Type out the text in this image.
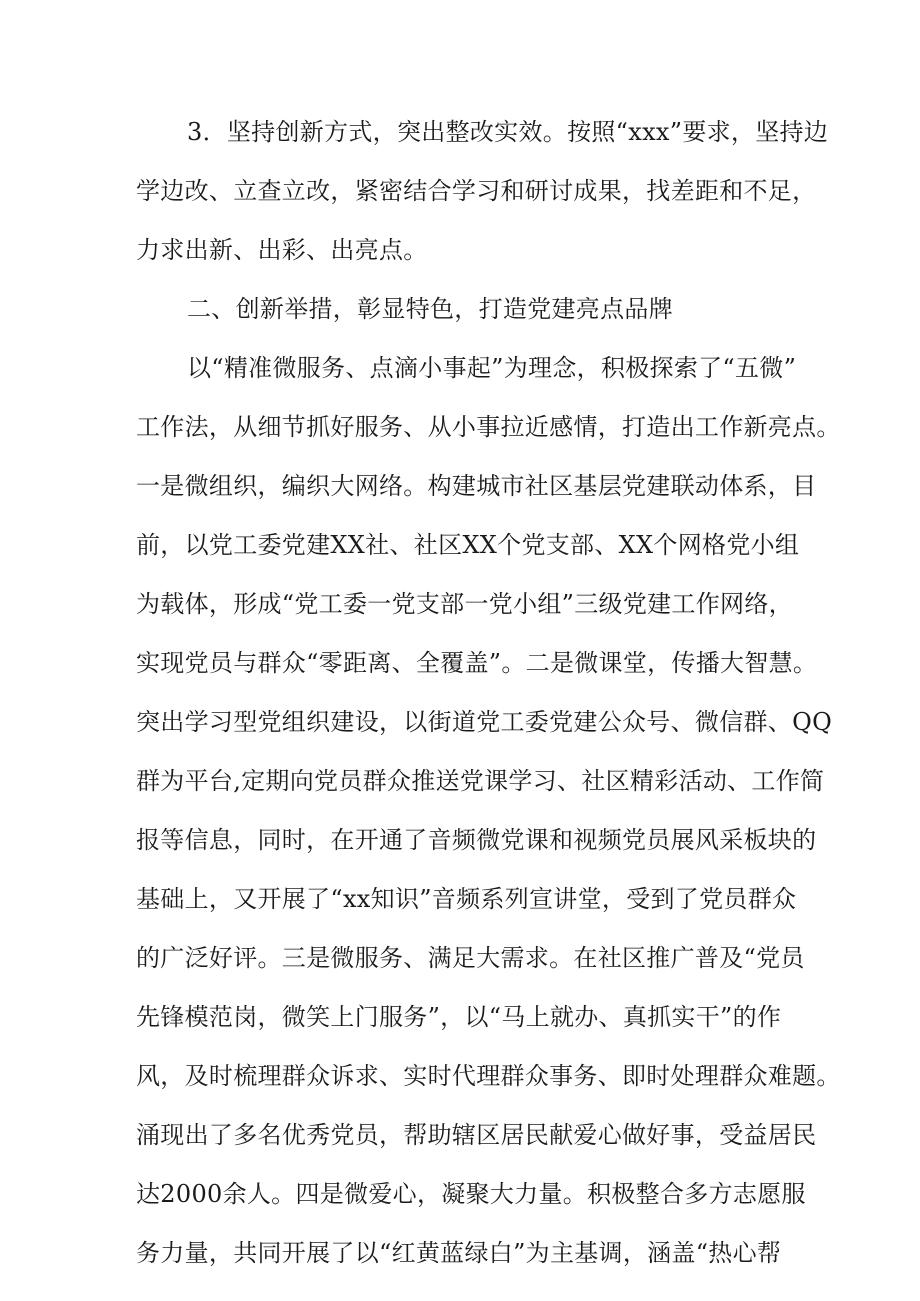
3．坚持创新方式，突出整改实效。按照“xxx”要求，坚持边
学边改、立查立改，紧密结合学习和研讨成果，找差距和不足，
力求出新、出彩、出亮点。
二、创新举措，彰显特色，打造党建亮点品牌
以“精准微服务、点滴小事起”为理念，积极探索了“五微”
工作法，从细节抓好服务、从小事拉近感情，打造出工作新亮点。
一是微组织，编织大网络。构建城市社区基层党建联动体系，目
前，以党工委党建XX社、社区XX个党支部、XX个网格党小组
为载体，形成“党工委一党支部一党小组”三级党建工作网络，
实现党员与群众“零距离、全覆盖”。二是微课堂，传播大智慧。
突出学习型党组织建设，以街道党工委党建公众号、微信群、QQ
群为平台,定期向党员群众推送党课学习、社区精彩活动、工作简
报等信息，同时，在开通了音频微党课和视频党员展风采板块的
基础上，又开展了“xx知识”音频系列宣讲堂，受到了党员群众
的广泛好评。三是微服务、满足大需求。在社区推广普及“党员
先锋模范岗，微笑上门服务”，以“马上就办、真抓实干”的作
风，及时梳理群众诉求、实时代理群众事务、即时处理群众难题。
涌现出了多名优秀党员，帮助辖区居民献爱心做好事，受益居民
达2000余人。四是微爱心，凝聚大力量。积极整合多方志愿服
务力量，共同开展了以“红黄蓝绿白”为主基调，涵盖“热心帮
